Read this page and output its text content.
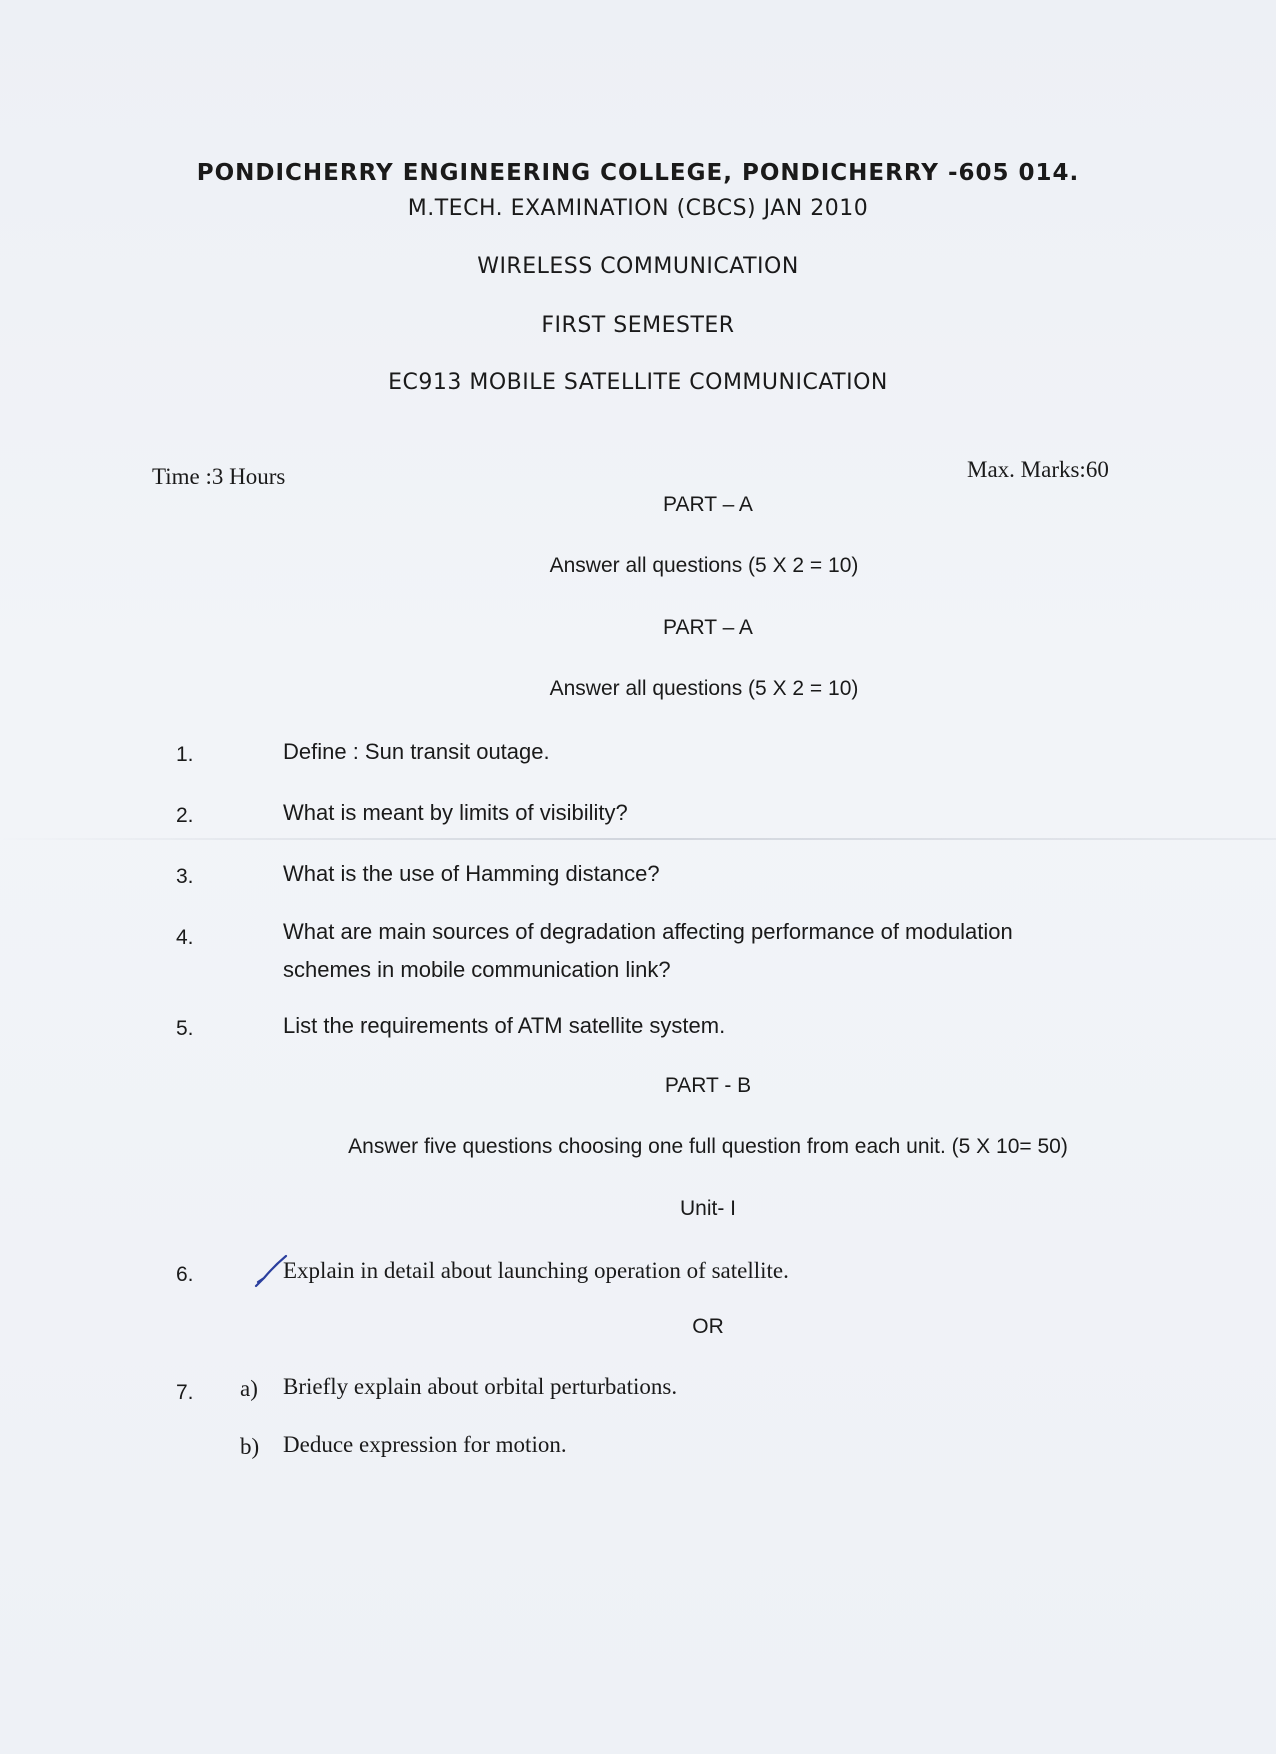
PONDICHERRY ENGINEERING COLLEGE, PONDICHERRY -605 014.
M.TECH. EXAMINATION (CBCS) JAN 2010
WIRELESS COMMUNICATION
FIRST SEMESTER
EC913 MOBILE SATELLITE COMMUNICATION
Time :3 Hours	Max. Marks:60
PART – A
Answer all questions (5 X 2 = 10)
PART – A
Answer all questions (5 X 2 = 10)
1.	Define : Sun transit outage.
2.	What is meant by limits of visibility?
3.	What is the use of Hamming distance?
4.	What are main sources of degradation affecting performance of modulation
schemes in mobile communication link?
5.	List the requirements of ATM satellite system.
PART - B
Answer five questions choosing one full question from each unit. (5 X 10= 50)
Unit- I
6.	Explain in detail about launching operation of satellite.
OR
7. a) Briefly explain about orbital perturbations.
b) Deduce expression for motion.
